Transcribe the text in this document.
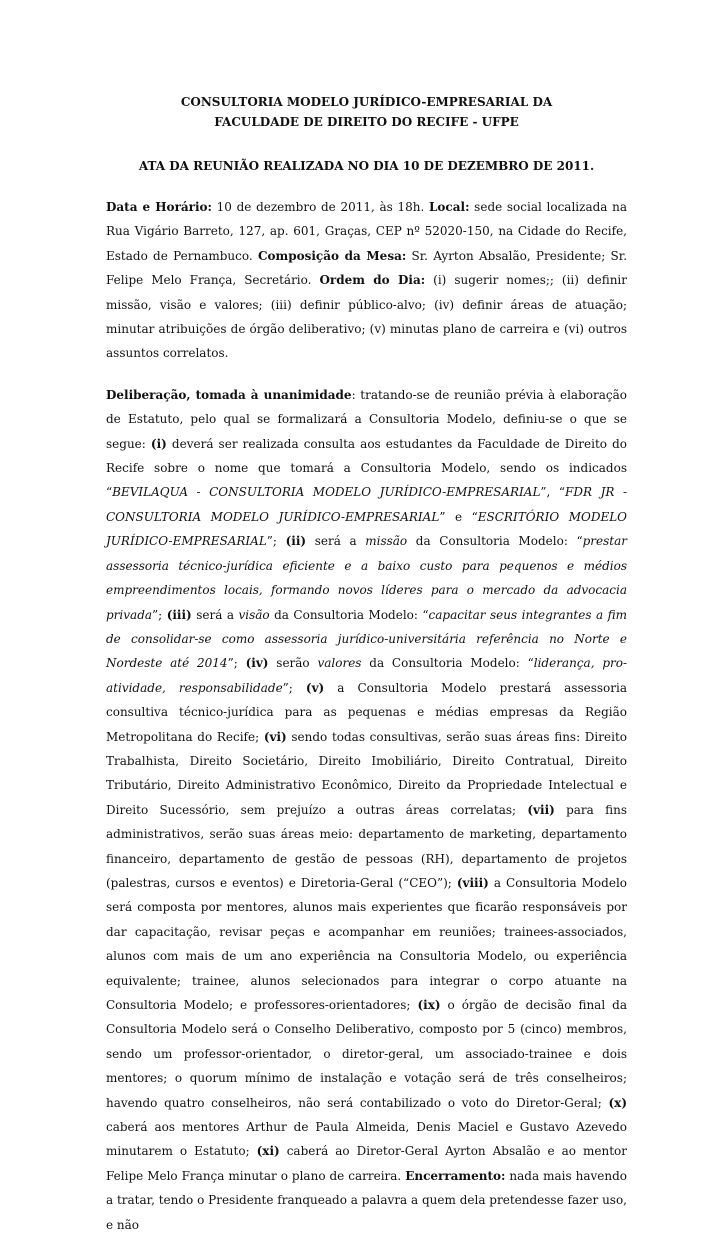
CONSULTORIA MODELO JURÍDICO-EMPRESARIAL DA
FACULDADE DE DIREITO DO RECIFE - UFPE
ATA DA REUNIÃO REALIZADA NO DIA 10 DE DEZEMBRO DE 2011.

Data e Horário: 10 de dezembro de 2011, às 18h. Local: sede social localizada na Rua Vigário Barreto, 127, ap. 601, Graças, CEP nº 52020-150, na Cidade do Recife, Estado de Pernambuco. Composição da Mesa: Sr. Ayrton Absalão, Presidente; Sr. Felipe Melo França, Secretário. Ordem do Dia: (i) sugerir nomes;; (ii) definir missão, visão e valores; (iii) definir público-alvo; (iv) definir áreas de atuação; minutar atribuições de órgão deliberativo; (v) minutas plano de carreira e (vi) outros assuntos correlatos.

Deliberação, tomada à unanimidade: tratando-se de reunião prévia à elaboração de Estatuto, pelo qual se formalizará a Consultoria Modelo, definiu-se o que se segue: (i) deverá ser realizada consulta aos estudantes da Faculdade de Direito do Recife sobre o nome que tomará a Consultoria Modelo, sendo os indicados “BEVILAQUA - CONSULTORIA MODELO JURÍDICO-EMPRESARIAL”, “FDR JR - CONSULTORIA MODELO JURÍDICO-EMPRESARIAL” e “ESCRITÓRIO MODELO JURÍDICO-EMPRESARIAL”; (ii) será a missão da Consultoria Modelo: “prestar assessoria técnico-jurídica eficiente e a baixo custo para pequenos e médios empreendimentos locais, formando novos líderes para o mercado da advocacia privada”; (iii) será a visão da Consultoria Modelo: “capacitar seus integrantes a fim de consolidar-se como assessoria jurídico-universitária referência no Norte e Nordeste até 2014”; (iv) serão valores da Consultoria Modelo: “liderança, pro-atividade, responsabilidade”; (v) a Consultoria Modelo prestará assessoria consultiva técnico-jurídica para as pequenas e médias empresas da Região Metropolitana do Recife; (vi) sendo todas consultivas, serão suas áreas fins: Direito Trabalhista, Direito Societário, Direito Imobiliário, Direito Contratual, Direito Tributário, Direito Administrativo Econômico, Direito da Propriedade Intelectual e Direito Sucessório, sem prejuízo a outras áreas correlatas; (vii) para fins administrativos, serão suas áreas meio: departamento de marketing, departamento financeiro, departamento de gestão de pessoas (RH), departamento de projetos (palestras, cursos e eventos) e Diretoria-Geral (“CEO”); (viii) a Consultoria Modelo será composta por mentores, alunos mais experientes que ficarão responsáveis por dar capacitação, revisar peças e acompanhar em reuniões; trainees-associados, alunos com mais de um ano experiência na Consultoria Modelo, ou experiência equivalente; trainee, alunos selecionados para integrar o corpo atuante na Consultoria Modelo; e professores-orientadores; (ix) o órgão de decisão final da Consultoria Modelo será o Conselho Deliberativo, composto por 5 (cinco) membros, sendo um professor-orientador, o diretor-geral, um associado-trainee e dois mentores; o quorum mínimo de instalação e votação será de três conselheiros; havendo quatro conselheiros, não será contabilizado o voto do Diretor-Geral; (x) caberá aos mentores Arthur de Paula Almeida, Denis Maciel e Gustavo Azevedo minutarem o Estatuto; (xi) caberá ao Diretor-Geral Ayrton Absalão e ao mentor Felipe Melo França minutar o plano de carreira. Encerramento: nada mais havendo a tratar, tendo o Presidente franqueado a palavra a quem dela pretendesse fazer uso, e não
